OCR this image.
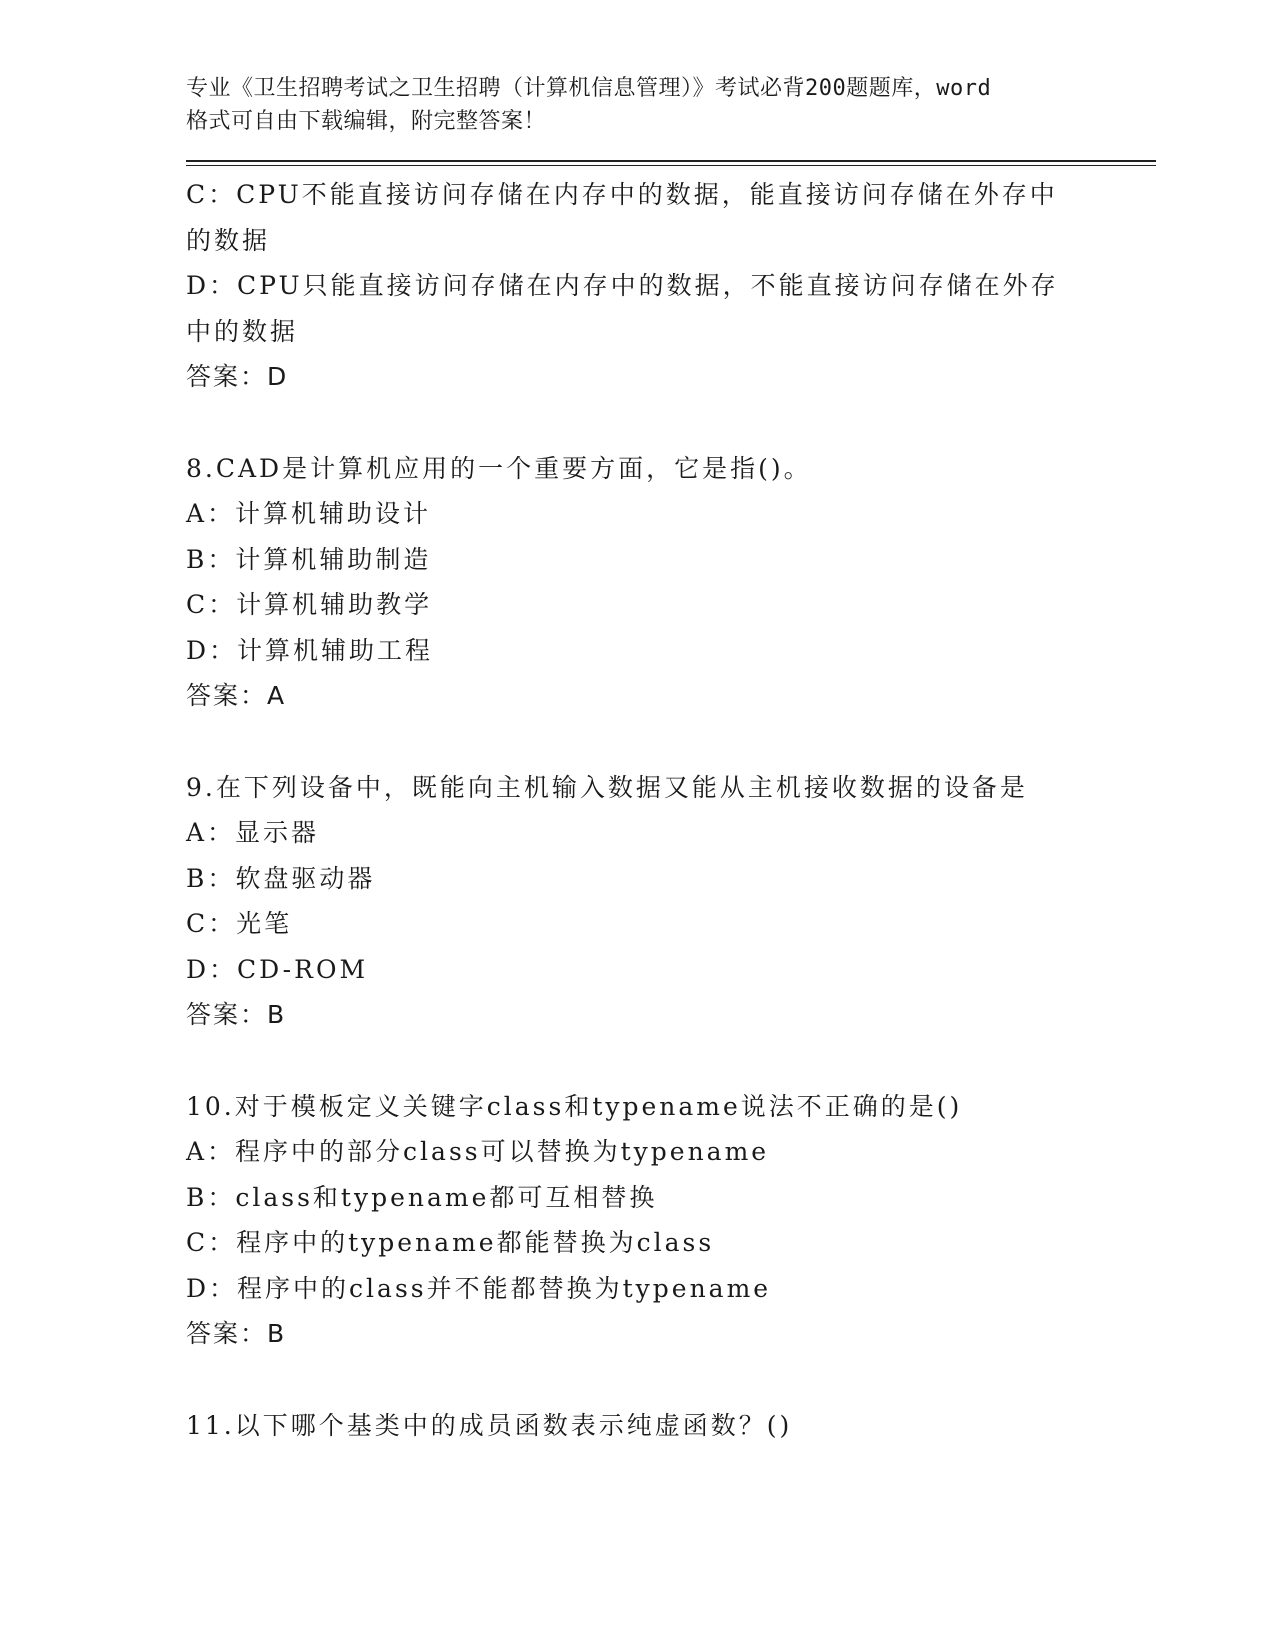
专业《卫生招聘考试之卫生招聘（计算机信息管理）》考试必背200题题库，word
格式可自由下载编辑，附完整答案！
C：CPU不能直接访问存储在内存中的数据，能直接访问存储在外存中的数据
D：CPU只能直接访问存储在内存中的数据，不能直接访问存储在外存中的数据
答案：D
8.CAD是计算机应用的一个重要方面，它是指()。
A：计算机辅助设计
B：计算机辅助制造
C：计算机辅助教学
D：计算机辅助工程
答案：A
9.在下列设备中，既能向主机输入数据又能从主机接收数据的设备是
A：显示器
B：软盘驱动器
C：光笔
D：CD-ROM
答案：B
10.对于模板定义关键字class和typename说法不正确的是()
A：程序中的部分class可以替换为typename
B：class和typename都可互相替换
C：程序中的typename都能替换为class
D：程序中的class并不能都替换为typename
答案：B
11.以下哪个基类中的成员函数表示纯虚函数？()
